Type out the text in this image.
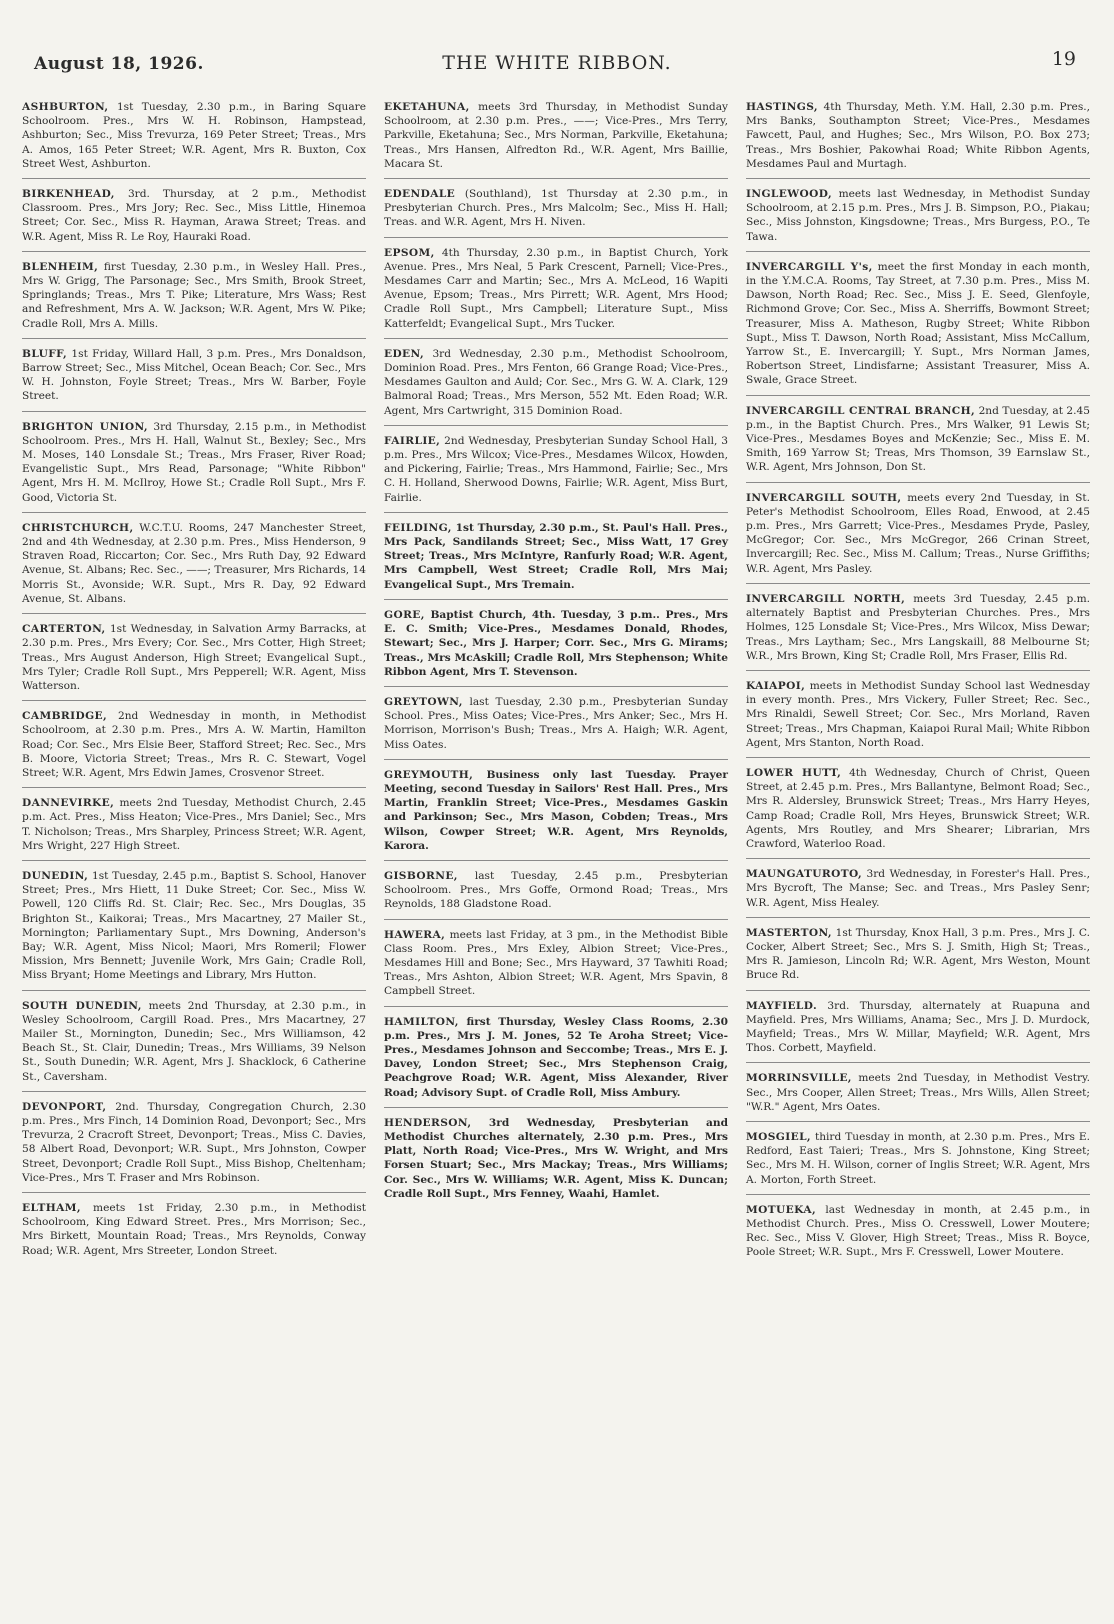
August 18, 1926.	THE WHITE RIBBON.	19
ASHBURTON, 1st Tuesday, 2.30 p.m., in Baring Square Schoolroom. Pres., Mrs W. H. Robinson, Hampstead, Ashburton; Sec., Miss Trevurza, 169 Peter Street; Treas., Mrs A. Amos, 165 Peter Street; W.R. Agent, Mrs R. Buxton, Cox Street West, Ashburton.
BIRKENHEAD, 3rd. Thursday, at 2 p.m., Methodist Classroom. Pres., Mrs Jory; Rec. Sec., Miss Little, Hinemoa Street; Cor. Sec., Miss R. Hayman, Arawa Street; Treas. and W.R. Agent, Miss R. Le Roy, Hauraki Road.
BLENHEIM, first Tuesday, 2.30 p.m., in Wesley Hall. Pres., Mrs W. Grigg, The Parsonage; Sec., Mrs Smith, Brook Street, Springlands; Treas., Mrs T. Pike; Literature, Mrs Wass; Rest and Refreshment, Mrs A. W. Jackson; W.R. Agent, Mrs W. Pike; Cradle Roll, Mrs A. Mills.
BLUFF, 1st Friday, Willard Hall, 3 p.m. Pres., Mrs Donaldson, Barrow Street; Sec., Miss Mitchel, Ocean Beach; Cor. Sec., Mrs W. H. Johnston, Foyle Street; Treas., Mrs W. Barber, Foyle Street.
BRIGHTON UNION, 3rd Thursday, 2.15 p.m., in Methodist Schoolroom. Pres., Mrs H. Hall, Walnut St., Bexley; Sec., Mrs M. Moses, 140 Lonsdale St.; Treas., Mrs Fraser, River Road; Evangelistic Supt., Mrs Read, Parsonage; "White Ribbon" Agent, Mrs H. M. McIlroy, Howe St.; Cradle Roll Supt., Mrs F. Good, Victoria St.
CHRISTCHURCH, W.C.T.U. Rooms, 247 Manchester Street, 2nd and 4th Wednesday, at 2.30 p.m. Pres., Miss Henderson, 9 Straven Road, Riccarton; Cor. Sec., Mrs Ruth Day, 92 Edward Avenue, St. Albans; Rec. Sec., ——; Treasurer, Mrs Richards, 14 Morris St., Avonside; W.R. Supt., Mrs R. Day, 92 Edward Avenue, St. Albans.
CARTERTON, 1st Wednesday, in Salvation Army Barracks, at 2.30 p.m. Pres., Mrs Every; Cor. Sec., Mrs Cotter, High Street; Treas., Mrs August Anderson, High Street; Evangelical Supt., Mrs Tyler; Cradle Roll Supt., Mrs Pepperell; W.R. Agent, Miss Watterson.
CAMBRIDGE, 2nd Wednesday in month, in Methodist Schoolroom, at 2.30 p.m. Pres., Mrs A. W. Martin, Hamilton Road; Cor. Sec., Mrs Elsie Beer, Stafford Street; Rec. Sec., Mrs B. Moore, Victoria Street; Treas., Mrs R. C. Stewart, Vogel Street; W.R. Agent, Mrs Edwin James, Crosvenor Street.
DANNEVIRKE, meets 2nd Tuesday, Methodist Church, 2.45 p.m. Act. Pres., Miss Heaton; Vice-Pres., Mrs Daniel; Sec., Mrs T. Nicholson; Treas., Mrs Sharpley, Princess Street; W.R. Agent, Mrs Wright, 227 High Street.
DUNEDIN, 1st Tuesday, 2.45 p.m., Baptist S. School, Hanover Street; Pres., Mrs Hiett, 11 Duke Street; Cor. Sec., Miss W. Powell, 120 Cliffs Rd. St. Clair; Rec. Sec., Mrs Douglas, 35 Brighton St., Kaikorai; Treas., Mrs Macartney, 27 Mailer St., Mornington; Parliamentary Supt., Mrs Downing, Anderson's Bay; W.R. Agent, Miss Nicol; Maori, Mrs Romeril; Flower Mission, Mrs Bennett; Juvenile Work, Mrs Gain; Cradle Roll, Miss Bryant; Home Meetings and Library, Mrs Hutton.
SOUTH DUNEDIN, meets 2nd Thursday, at 2.30 p.m., in Wesley Schoolroom, Cargill Road. Pres., Mrs Macartney, 27 Mailer St., Mornington, Dunedin; Sec., Mrs Williamson, 42 Beach St., St. Clair, Dunedin; Treas., Mrs Williams, 39 Nelson St., South Dunedin; W.R. Agent, Mrs J. Shacklock, 6 Catherine St., Caversham.
DEVONPORT, 2nd. Thursday, Congregation Church, 2.30 p.m. Pres., Mrs Finch, 14 Dominion Road, Devonport; Sec., Mrs Trevurza, 2 Cracroft Street, Devonport; Treas., Miss C. Davies, 58 Albert Road, Devonport; W.R. Supt., Mrs Johnston, Cowper Street, Devonport; Cradle Roll Supt., Miss Bishop, Cheltenham; Vice-Pres., Mrs T. Fraser and Mrs Robinson.
ELTHAM, meets 1st Friday, 2.30 p.m., in Methodist Schoolroom, King Edward Street. Pres., Mrs Morrison; Sec., Mrs Birkett, Mountain Road; Treas., Mrs Reynolds, Conway Road; W.R. Agent, Mrs Streeter, London Street.
EKETAHUNA, meets 3rd Thursday, in Methodist Sunday Schoolroom, at 2.30 p.m. Pres., ——; Vice-Pres., Mrs Terry, Parkville, Eketahuna; Sec., Mrs Norman, Parkville, Eketahuna; Treas., Mrs Hansen, Alfredton Rd., W.R. Agent, Mrs Baillie, Macara St.
EDENDALE (Southland), 1st Thursday at 2.30 p.m., in Presbyterian Church. Pres., Mrs Malcolm; Sec., Miss H. Hall; Treas. and W.R. Agent, Mrs H. Niven.
EPSOM, 4th Thursday, 2.30 p.m., in Baptist Church, York Avenue. Pres., Mrs Neal, 5 Park Crescent, Parnell; Vice-Pres., Mesdames Carr and Martin; Sec., Mrs A. McLeod, 16 Wapiti Avenue, Epsom; Treas., Mrs Pirrett; W.R. Agent, Mrs Hood; Cradle Roll Supt., Mrs Campbell; Literature Supt., Miss Katterfeldt; Evangelical Supt., Mrs Tucker.
EDEN, 3rd Wednesday, 2.30 p.m., Methodist Schoolroom, Dominion Road. Pres., Mrs Fenton, 66 Grange Road; Vice-Pres., Mesdames Gaulton and Auld; Cor. Sec., Mrs G. W. A. Clark, 129 Balmoral Road; Treas., Mrs Merson, 552 Mt. Eden Road; W.R. Agent, Mrs Cartwright, 315 Dominion Road.
FAIRLIE, 2nd Wednesday, Presbyterian Sunday School Hall, 3 p.m. Pres., Mrs Wilcox; Vice-Pres., Mesdames Wilcox, Howden, and Pickering, Fairlie; Treas., Mrs Hammond, Fairlie; Sec., Mrs C. H. Holland, Sherwood Downs, Fairlie; W.R. Agent, Miss Burt, Fairlie.
FEILDING, 1st Thursday, 2.30 p.m., St. Paul's Hall. Pres., Mrs Pack, Sandilands Street; Sec., Miss Watt, 17 Grey Street; Treas., Mrs McIntyre, Ranfurly Road; W.R. Agent, Mrs Campbell, West Street; Cradle Roll, Mrs Mai; Evangelical Supt., Mrs Tremain.
GORE, Baptist Church, 4th. Tuesday, 3 p.m.. Pres., Mrs E. C. Smith; Vice-Pres., Mesdames Donald, Rhodes, Stewart; Sec., Mrs J. Harper; Corr. Sec., Mrs G. Mirams; Treas., Mrs McAskill; Cradle Roll, Mrs Stephenson; White Ribbon Agent, Mrs T. Stevenson.
GREYTOWN, last Tuesday, 2.30 p.m., Presbyterian Sunday School. Pres., Miss Oates; Vice-Pres., Mrs Anker; Sec., Mrs H. Morrison, Morrison's Bush; Treas., Mrs A. Haigh; W.R. Agent, Miss Oates.
GREYMOUTH, Business only last Tuesday. Prayer Meeting, second Tuesday in Sailors' Rest Hall. Pres., Mrs Martin, Franklin Street; Vice-Pres., Mesdames Gaskin and Parkinson; Sec., Mrs Mason, Cobden; Treas., Mrs Wilson, Cowper Street; W.R. Agent, Mrs Reynolds, Karora.
GISBORNE, last Tuesday, 2.45 p.m., Presbyterian Schoolroom. Pres., Mrs Goffe, Ormond Road; Treas., Mrs Reynolds, 188 Gladstone Road.
HAWERA, meets last Friday, at 3 pm., in the Methodist Bible Class Room. Pres., Mrs Exley, Albion Street; Vice-Pres., Mesdames Hill and Bone; Sec., Mrs Hayward, 37 Tawhiti Road; Treas., Mrs Ashton, Albion Street; W.R. Agent, Mrs Spavin, 8 Campbell Street.
HAMILTON, first Thursday, Wesley Class Rooms, 2.30 p.m. Pres., Mrs J. M. Jones, 52 Te Aroha Street; Vice-Pres., Mesdames Johnson and Seccombe; Treas., Mrs E. J. Davey, London Street; Sec., Mrs Stephenson Craig, Peachgrove Road; W.R. Agent, Miss Alexander, River Road; Advisory Supt. of Cradle Roll, Miss Ambury.
HENDERSON, 3rd Wednesday, Presbyterian and Methodist Churches alternately, 2.30 p.m. Pres., Mrs Platt, North Road; Vice-Pres., Mrs W. Wright, and Mrs Forsen Stuart; Sec., Mrs Mackay; Treas., Mrs Williams; Cor. Sec., Mrs W. Williams; W.R. Agent, Miss K. Duncan; Cradle Roll Supt., Mrs Fenney, Waahi, Hamlet.
HASTINGS, 4th Thursday, Meth. Y.M. Hall, 2.30 p.m. Pres., Mrs Banks, Southampton Street; Vice-Pres., Mesdames Fawcett, Paul, and Hughes; Sec., Mrs Wilson, P.O. Box 273; Treas., Mrs Boshier, Pakowhai Road; White Ribbon Agents, Mesdames Paul and Murtagh.
INGLEWOOD, meets last Wednesday, in Methodist Sunday Schoolroom, at 2.15 p.m. Pres., Mrs J. B. Simpson, P.O., Piakau; Sec., Miss Johnston, Kingsdowne; Treas., Mrs Burgess, P.O., Te Tawa.
INVERCARGILL Y's, meet the first Monday in each month, in the Y.M.C.A. Rooms, Tay Street, at 7.30 p.m. Pres., Miss M. Dawson, North Road; Rec. Sec., Miss J. E. Seed, Glenfoyle, Richmond Grove; Cor. Sec., Miss A. Sherriffs, Bowmont Street; Treasurer, Miss A. Matheson, Rugby Street; White Ribbon Supt., Miss T. Dawson, North Road; Assistant, Miss McCallum, Yarrow St., E. Invercargill; Y. Supt., Mrs Norman James, Robertson Street, Lindisfarne; Assistant Treasurer, Miss A. Swale, Grace Street.
INVERCARGILL CENTRAL BRANCH, 2nd Tuesday, at 2.45 p.m., in the Baptist Church. Pres., Mrs Walker, 91 Lewis St; Vice-Pres., Mesdames Boyes and McKenzie; Sec., Miss E. M. Smith, 169 Yarrow St; Treas, Mrs Thomson, 39 Earnslaw St., W.R. Agent, Mrs Johnson, Don St.
INVERCARGILL SOUTH, meets every 2nd Tuesday, in St. Peter's Methodist Schoolroom, Elles Road, Enwood, at 2.45 p.m. Pres., Mrs Garrett; Vice-Pres., Mesdames Pryde, Pasley, McGregor; Cor. Sec., Mrs McGregor, 266 Crinan Street, Invercargill; Rec. Sec., Miss M. Callum; Treas., Nurse Griffiths; W.R. Agent, Mrs Pasley.
INVERCARGILL NORTH, meets 3rd Tuesday, 2.45 p.m. alternately Baptist and Presbyterian Churches. Pres., Mrs Holmes, 125 Lonsdale St; Vice-Pres., Mrs Wilcox, Miss Dewar; Treas., Mrs Laytham; Sec., Mrs Langskaill, 88 Melbourne St; W.R., Mrs Brown, King St; Cradle Roll, Mrs Fraser, Ellis Rd.
KAIAPOI, meets in Methodist Sunday School last Wednesday in every month. Pres., Mrs Vickery, Fuller Street; Rec. Sec., Mrs Rinaldi, Sewell Street; Cor. Sec., Mrs Morland, Raven Street; Treas., Mrs Chapman, Kaiapoi Rural Mail; White Ribbon Agent, Mrs Stanton, North Road.
LOWER HUTT, 4th Wednesday, Church of Christ, Queen Street, at 2.45 p.m. Pres., Mrs Ballantyne, Belmont Road; Sec., Mrs R. Aldersley, Brunswick Street; Treas., Mrs Harry Heyes, Camp Road; Cradle Roll, Mrs Heyes, Brunswick Street; W.R. Agents, Mrs Routley, and Mrs Shearer; Librarian, Mrs Crawford, Waterloo Road.
MAUNGATUROTO, 3rd Wednesday, in Forester's Hall. Pres., Mrs Bycroft, The Manse; Sec. and Treas., Mrs Pasley Senr; W.R. Agent, Miss Healey.
MASTERTON, 1st Thursday, Knox Hall, 3 p.m. Pres., Mrs J. C. Cocker, Albert Street; Sec., Mrs S. J. Smith, High St; Treas., Mrs R. Jamieson, Lincoln Rd; W.R. Agent, Mrs Weston, Mount Bruce Rd.
MAYFIELD. 3rd. Thursday, alternately at Ruapuna and Mayfield. Pres, Mrs Williams, Anama; Sec., Mrs J. D. Murdock, Mayfield; Treas., Mrs W. Millar, Mayfield; W.R. Agent, Mrs Thos. Corbett, Mayfield.
MORRINSVILLE, meets 2nd Tuesday, in Methodist Vestry. Sec., Mrs Cooper, Allen Street; Treas., Mrs Wills, Allen Street; "W.R." Agent, Mrs Oates.
MOSGIEL, third Tuesday in month, at 2.30 p.m. Pres., Mrs E. Redford, East Taieri; Treas., Mrs S. Johnstone, King Street; Sec., Mrs M. H. Wilson, corner of Inglis Street; W.R. Agent, Mrs A. Morton, Forth Street.
MOTUEKA, last Wednesday in month, at 2.45 p.m., in Methodist Church. Pres., Miss O. Cresswell, Lower Moutere; Rec. Sec., Miss V. Glover, High Street; Treas., Miss R. Boyce, Poole Street; W.R. Supt., Mrs F. Cresswell, Lower Moutere.
